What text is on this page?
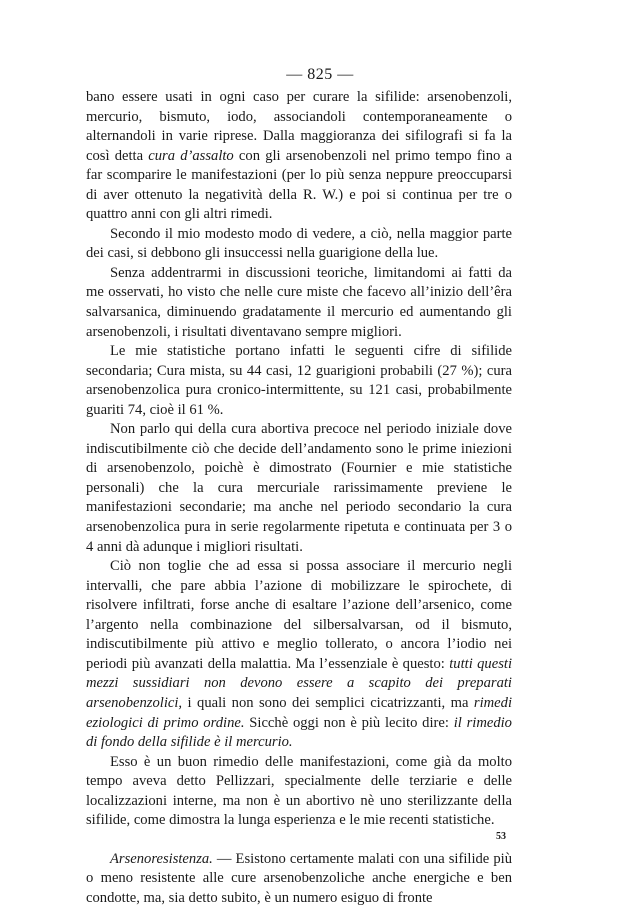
— 825 —

bano essere usati in ogni caso per curare la sifilide: arsenobenzoli, mercurio, bismuto, iodo, associandoli contemporaneamente o alternandoli in varie riprese. Dalla maggioranza dei sifilografi si fa la così detta cura d’assalto con gli arsenobenzoli nel primo tempo fino a far scomparire le manifestazioni (per lo più senza neppure preoccuparsi di aver ottenuto la negatività della R. W.) e poi si continua per tre o quattro anni con gli altri rimedi.

Secondo il mio modesto modo di vedere, a ciò, nella maggior parte dei casi, si debbono gli insuccessi nella guarigione della lue.

Senza addentrarmi in discussioni teoriche, limitandomi ai fatti da me osservati, ho visto che nelle cure miste che facevo all’inizio dell’êra salvarsanica, diminuendo gradatamente il mercurio ed aumentando gli arsenobenzoli, i risultati diventavano sempre migliori.

Le mie statistiche portano infatti le seguenti cifre di sifilide secondaria; Cura mista, su 44 casi, 12 guarigioni probabili (27 %); cura arsenobenzolica pura cronico-intermittente, su 121 casi, probabilmente guariti 74, cioè il 61 %.

Non parlo qui della cura abortiva precoce nel periodo iniziale dove indiscutibilmente ciò che decide dell’andamento sono le prime iniezioni di arsenobenzolo, poichè è dimostrato (Fournier e mie statistiche personali) che la cura mercuriale rarissimamente previene le manifestazioni secondarie; ma anche nel periodo secondario la cura arsenobenzolica pura in serie regolarmente ripetuta e continuata per 3 o 4 anni dà adunque i migliori risultati.

Ciò non toglie che ad essa si possa associare il mercurio negli intervalli, che pare abbia l’azione di mobilizzare le spirochete, di risolvere infiltrati, forse anche di esaltare l’azione dell’arsenico, come l’argento nella combinazione del silbersalvarsan, od il bismuto, indiscutibilmente più attivo e meglio tollerato, o ancora l’iodio nei periodi più avanzati della malattia. Ma l’essenziale è questo: tutti questi mezzi sussidiari non devono essere a scapito dei preparati arsenobenzolici, i quali non sono dei semplici cicatrizzanti, ma rimedi eziologici di primo ordine. Sicchè oggi non è più lecito dire: il rimedio di fondo della sifilide è il mercurio.

Esso è un buon rimedio delle manifestazioni, come già da molto tempo aveva detto Pellizzari, specialmente delle terziarie e delle localizzazioni interne, ma non è un abortivo nè uno sterilizzante della sifilide, come dimostra la lunga esperienza e le mie recenti statistiche.

Arsenoresistenza. — Esistono certamente malati con una sifilide più o meno resistente alle cure arsenobenzoliche anche energiche e ben condotte, ma, sia detto subito, è un numero esiguo di fronte

53
